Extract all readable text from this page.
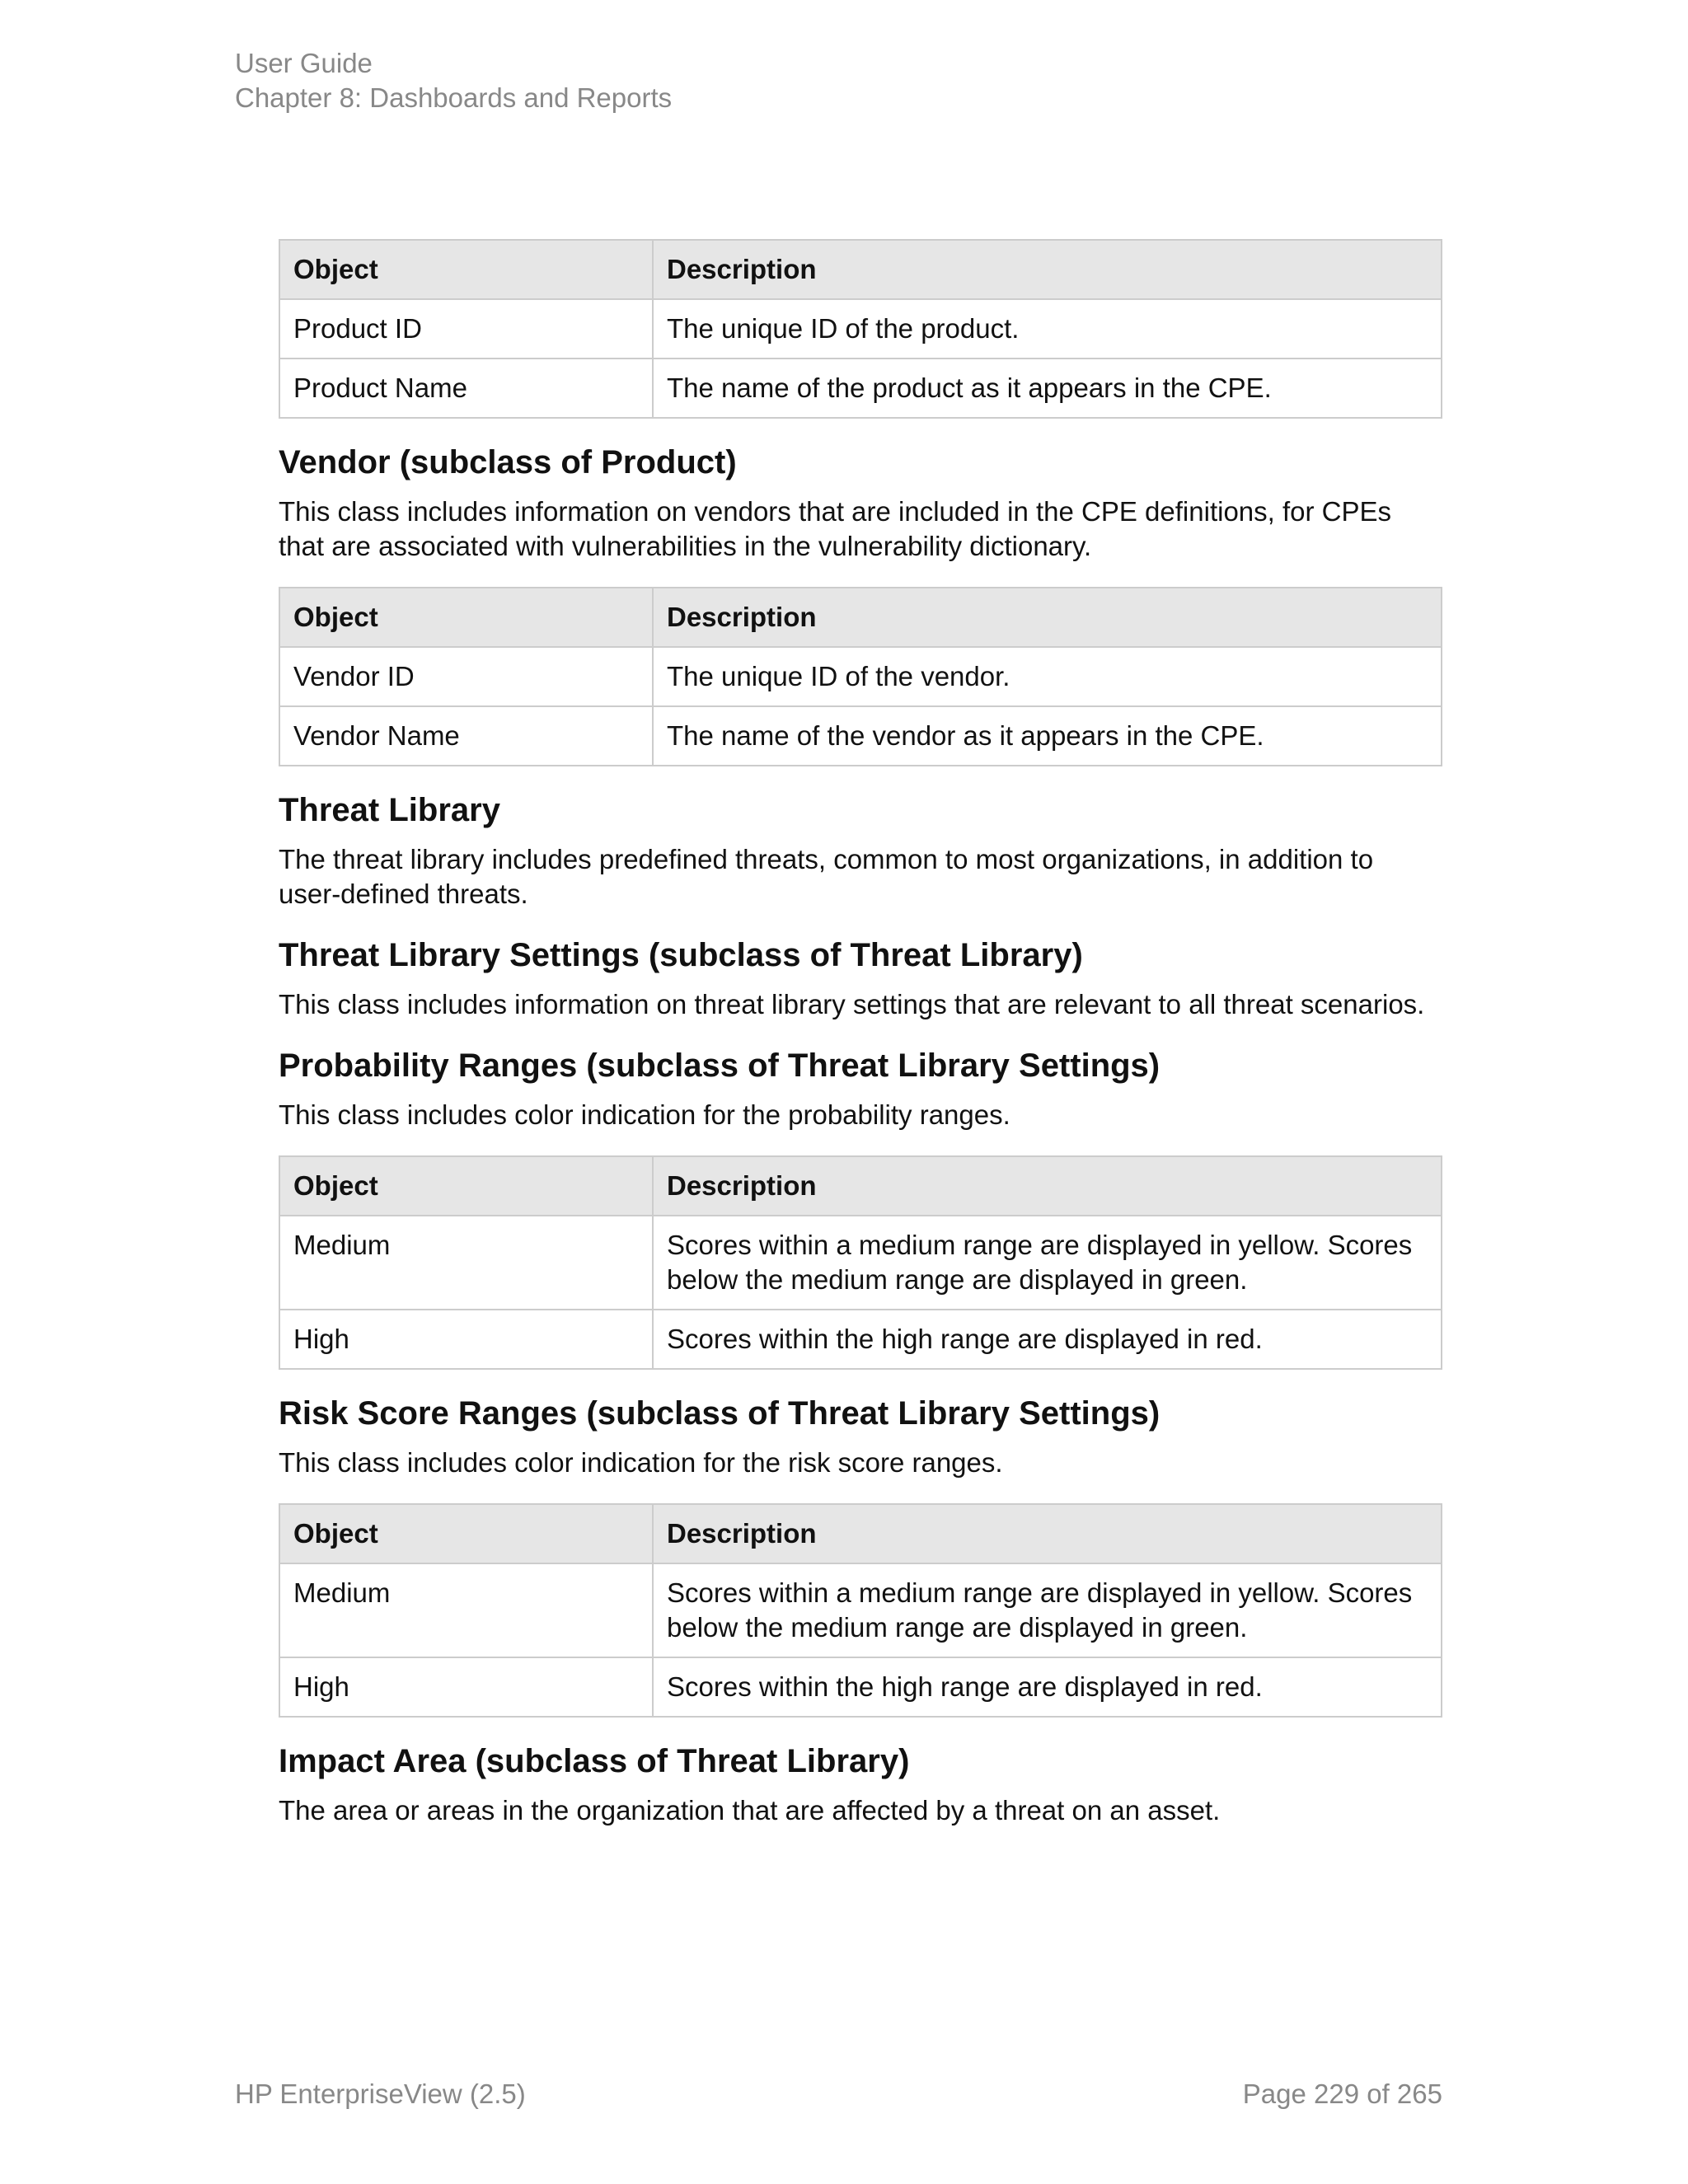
User Guide
Chapter 8: Dashboards and Reports
Object	Description
Product ID	The unique ID of the product.
Product Name	The name of the product as it appears in the CPE.
Vendor (subclass of Product)

This class includes information on vendors that are included in the CPE definitions, for CPEs that are associated with vulnerabilities in the vulnerability dictionary.

Object	Description
Vendor ID	The unique ID of the vendor.
Vendor Name	The name of the vendor as it appears in the CPE.
Threat Library

The threat library includes predefined threats, common to most organizations, in addition to user-defined threats.

Threat Library Settings (subclass of Threat Library)

This class includes information on threat library settings that are relevant to all threat scenarios.

Probability Ranges (subclass of Threat Library Settings)

This class includes color indication for the probability ranges.

Object	Description
Medium	Scores within a medium range are displayed in yellow. Scores below the medium range are displayed in green.
High	Scores within the high range are displayed in red.
Risk Score Ranges (subclass of Threat Library Settings)

This class includes color indication for the risk score ranges.

Object	Description
Medium	Scores within a medium range are displayed in yellow. Scores below the medium range are displayed in green.
High	Scores within the high range are displayed in red.
Impact Area (subclass of Threat Library)

The area or areas in the organization that are affected by a threat on an asset.

HP EnterpriseView (2.5)	Page 229 of 265
